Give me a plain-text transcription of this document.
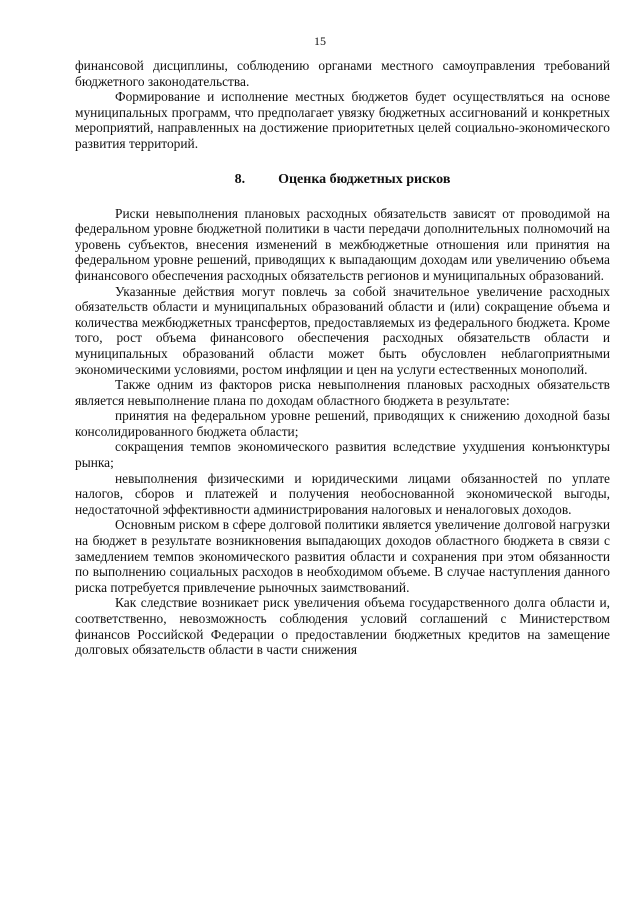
15

финансовой дисциплины, соблюдению органами местного самоуправления требований бюджетного законодательства.

Формирование и исполнение местных бюджетов будет осуществляться на основе муниципальных программ, что предполагает увязку бюджетных ассигнований и конкретных мероприятий, направленных на достижение приоритетных целей социально-экономического развития территорий.

8. Оценка бюджетных рисков

Риски невыполнения плановых расходных обязательств зависят от проводимой на федеральном уровне бюджетной политики в части передачи дополнительных полномочий на уровень субъектов, внесения изменений в межбюджетные отношения или принятия на федеральном уровне решений, приводящих к выпадающим доходам или увеличению объема финансового обеспечения расходных обязательств регионов и муниципальных образований.

Указанные действия могут повлечь за собой значительное увеличение расходных обязательств области и муниципальных образований области и (или) сокращение объема и количества межбюджетных трансфертов, предоставляемых из федерального бюджета. Кроме того, рост объема финансового обеспечения расходных обязательств области и муниципальных образований области может быть обусловлен неблагоприятными экономическими условиями, ростом инфляции и цен на услуги естественных монополий.

Также одним из факторов риска невыполнения плановых расходных обязательств является невыполнение плана по доходам областного бюджета в результате:

принятия на федеральном уровне решений, приводящих к снижению доходной базы консолидированного бюджета области;

сокращения темпов экономического развития вследствие ухудшения конъюнктуры рынка;

невыполнения физическими и юридическими лицами обязанностей по уплате налогов, сборов и платежей и получения необоснованной экономической выгоды, недостаточной эффективности администрирования налоговых и неналоговых доходов.

Основным риском в сфере долговой политики является увеличение долговой нагрузки на бюджет в результате возникновения выпадающих доходов областного бюджета в связи с замедлением темпов экономического развития области и сохранения при этом обязанности по выполнению социальных расходов в необходимом объеме. В случае наступления данного риска потребуется привлечение рыночных заимствований.

Как следствие возникает риск увеличения объема государственного долга области и, соответственно, невозможность соблюдения условий соглашений с Министерством финансов Российской Федерации о предоставлении бюджетных кредитов на замещение долговых обязательств области в части снижения
